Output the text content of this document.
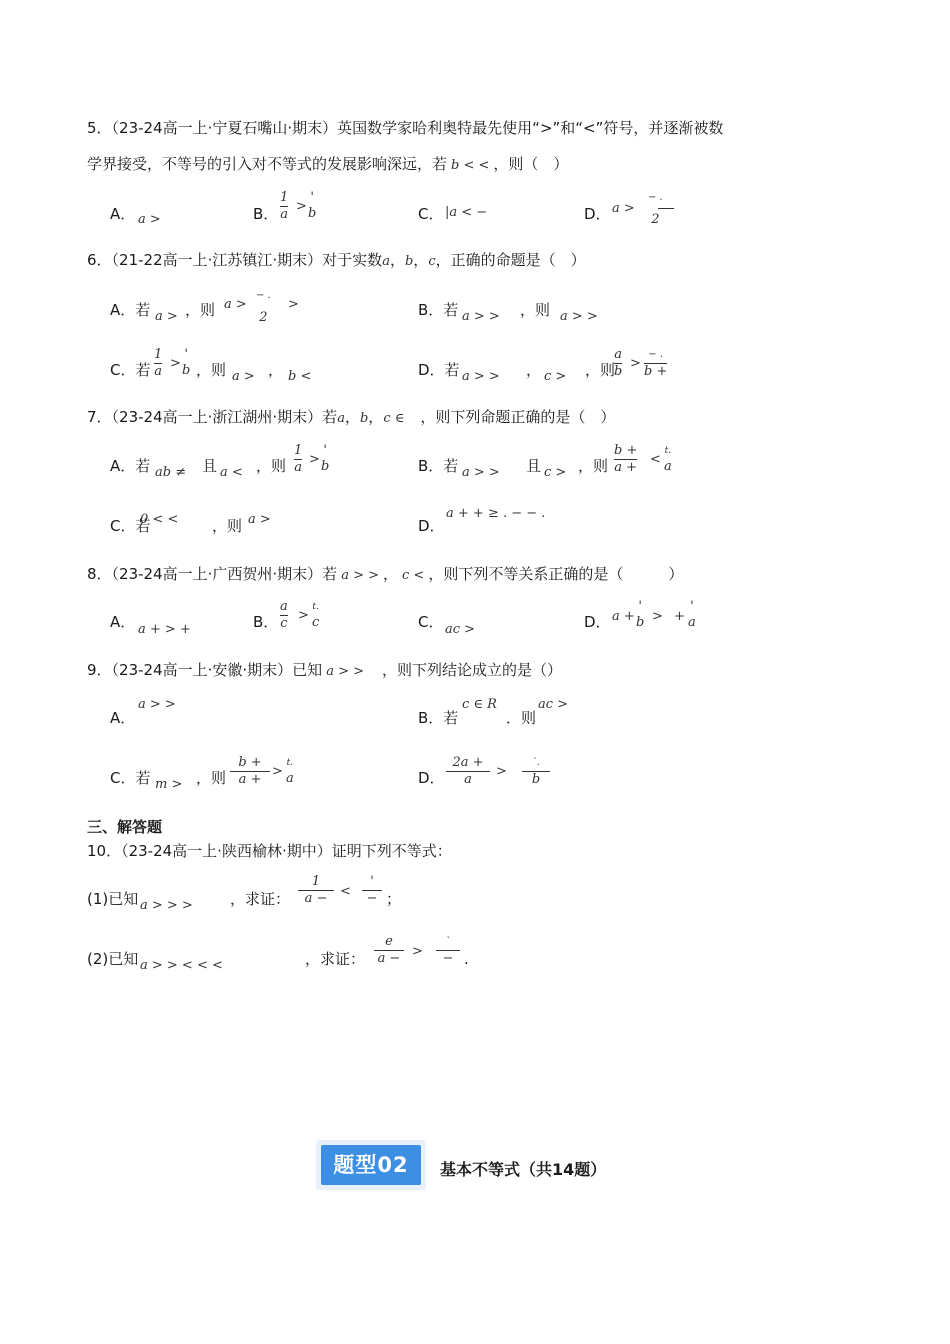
5．（23-24高一上·宁夏石嘴山·期末）英国数学家哈利奥特最先使用“>”和“<”符号，并逐渐被数
学界接受，不等号的引入对不等式的发展影响深远，若 b < < ，则（　）
A． a >	B．
1
a
>
'
b	C． |a < −	D． a >
− .
2
6．（21-22高一上·江苏镇江·期末）对于实数a，b，c，正确的命题是（　）
A．若 a > ，则 a >
− .
2
>	B．若 a > > ，则 a > >
C．若
1
a
>
'
b ，则 a > ， b <	D．若 a > > ， c > ，则
a
b
>
− .
b +
7．（23-24高一上·浙江湖州·期末）若a，b，c ∈ ，则下列命题正确的是（　）
A．若 ab ≠ 且 a < ，则
1
a
>
'
b	B．若 a > > 且 c > ，则
b +
a +
<
t.
a
C．若
0 < < ，则 a >	D．
a + + ≥ . − − .
8．（23-24高一上·广西贺州·期末）若 a > > ， c < ，则下列不等关系正确的是（　　　）
A． a + > +	B．
a
c
>
t.
c	C． ac >	D． a +
'
b > +
'
a
9．（23-24高一上·安徽·期末）已知 a > > ，则下列结论成立的是（）
A．
a > >
B．若
c ∈ R
．则
ac >
C．若 m > ，则
b +
a +
>
t.
a	D．
2a +
a
>
`.
b
三、解答题
10．（23-24高一上·陕西榆林·期中）证明下列不等式：
(1)已知 a > > > ，求证：
1
a − <
'
− ；
(2)已知 a > > < < <	，求证：
e
a − >
`
− .
题型02	基本不等式（共14题）
